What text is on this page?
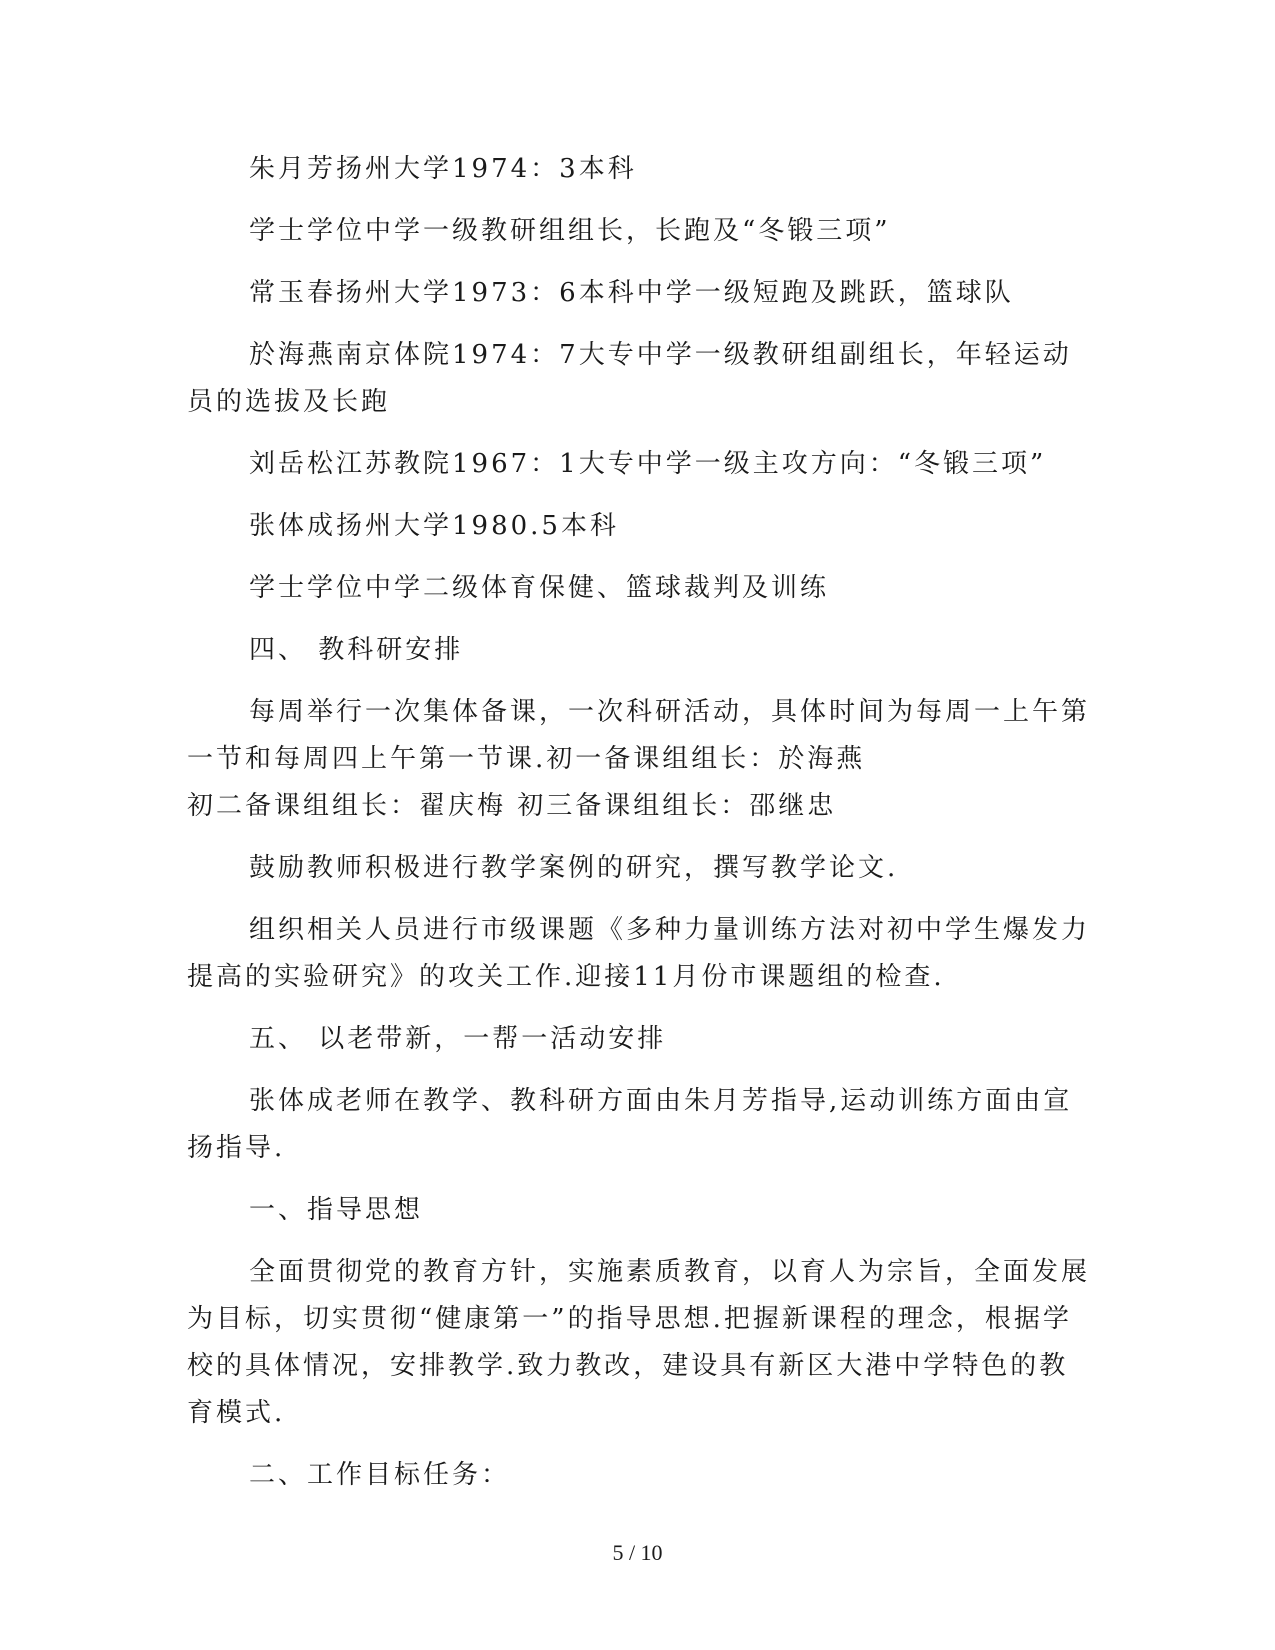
朱月芳扬州大学1974：3本科

学士学位中学一级教研组组长，长跑及“冬锻三项”

常玉春扬州大学1973：6本科中学一级短跑及跳跃，篮球队

於海燕南京体院1974：7大专中学一级教研组副组长，年轻运动员的选拔及长跑

刘岳松江苏教院1967：1大专中学一级主攻方向：“冬锻三项”

张体成扬州大学1980.5本科

学士学位中学二级体育保健、篮球裁判及训练

四、 教科研安排

每周举行一次集体备课，一次科研活动，具体时间为每周一上午第一节和每周四上午第一节课.初一备课组组长：於海燕

初二备课组组长：翟庆梅 初三备课组组长：邵继忠

鼓励教师积极进行教学案例的研究，撰写教学论文.

组织相关人员进行市级课题《多种力量训练方法对初中学生爆发力提高的实验研究》的攻关工作.迎接11月份市课题组的检查.

五、 以老带新，一帮一活动安排

张体成老师在教学、教科研方面由朱月芳指导,运动训练方面由宣扬指导.

一、指导思想

全面贯彻党的教育方针，实施素质教育，以育人为宗旨，全面发展为目标，切实贯彻“健康第一”的指导思想.把握新课程的理念，根据学校的具体情况，安排教学.致力教改，建设具有新区大港中学特色的教育模式.

二、工作目标任务：

5 / 10
